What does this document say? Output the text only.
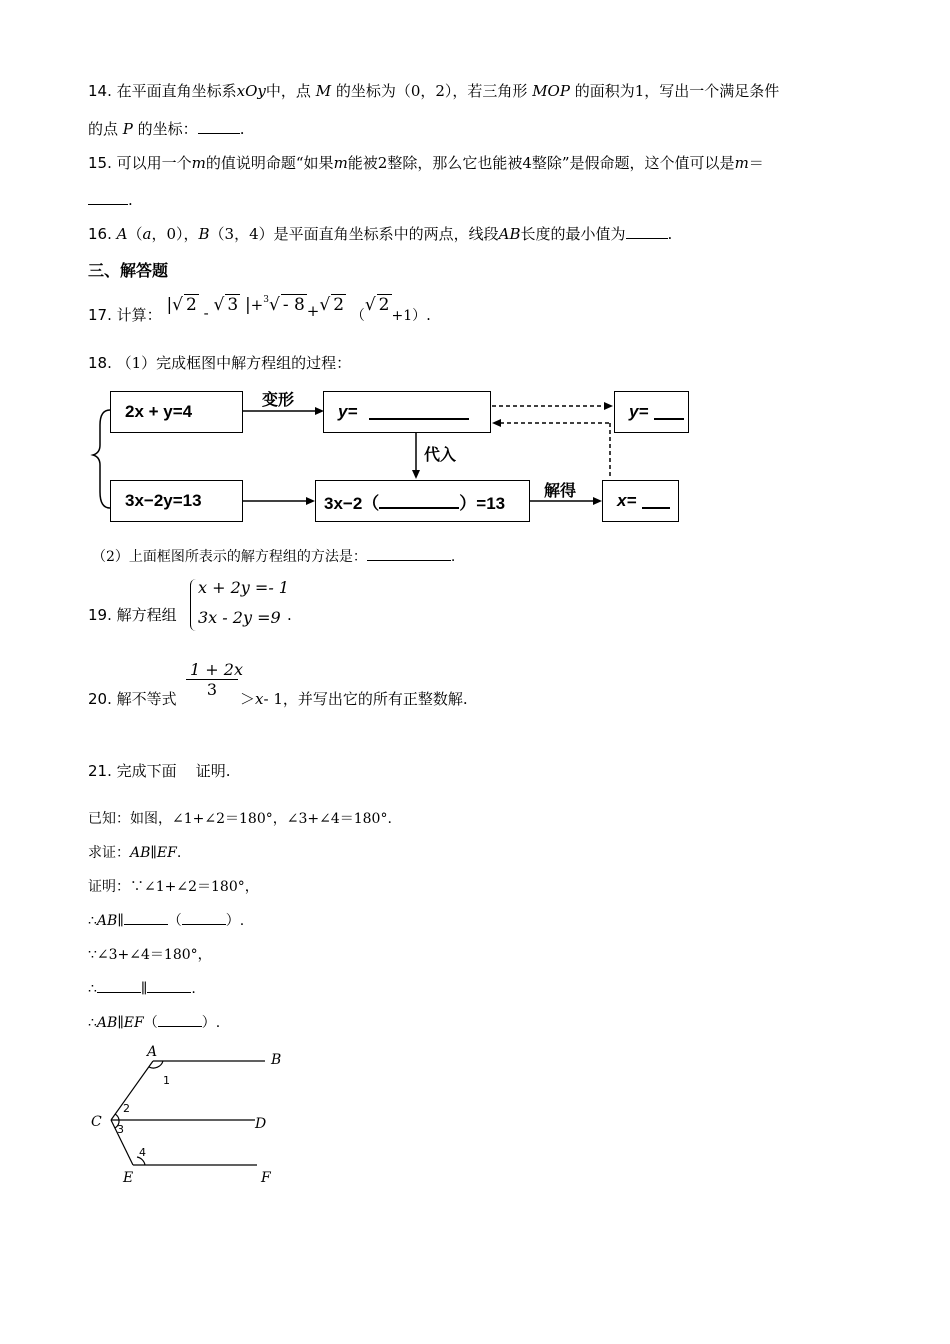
14. 在平面直角坐标系xOy中，点 M 的坐标为（0，2），若三角形 MOP 的面积为1，写出一个满足条件
的点 P 的坐标：	.
15. 可以用一个m的值说明命题“如果m能被2整除，那么它也能被4整除”是假命题，这个值可以是m＝
.
16. A（a，0），B（3，4）是平面直角坐标系中的两点，线段AB长度的最小值为	.
三、解答题
17. 计算： |√ 2 - √ 3 |+$^3$√ - 8 +√ 2 （√ 2+1）.
18. （1）完成框图中解方程组的过程：
2x + y=4
变形
y=	y=
代入
3x−2y=13	3x−2（	）=13
解得
x=
（2）上面框图所表示的解方程组的方法是：	.
19. 解方程组
x + 2y =- 1
3x - 2y =9 .
20. 解不等式 $\frac{1 + 2x}{3} >x-$ 1，并写出它的所有正整数解.
21. 完成下面 证明.
已知：如图，∠1+∠2＝180°，∠3+∠4＝180°.
求证：AB∥EF.
证明：∵∠1+∠2＝180°，
∴AB∥	（	）.
∵∠3+∠4＝180°，
∴	∥	.
∴AB∥EF（	）.
A	B
C	D
E	F
1
2
3
4
